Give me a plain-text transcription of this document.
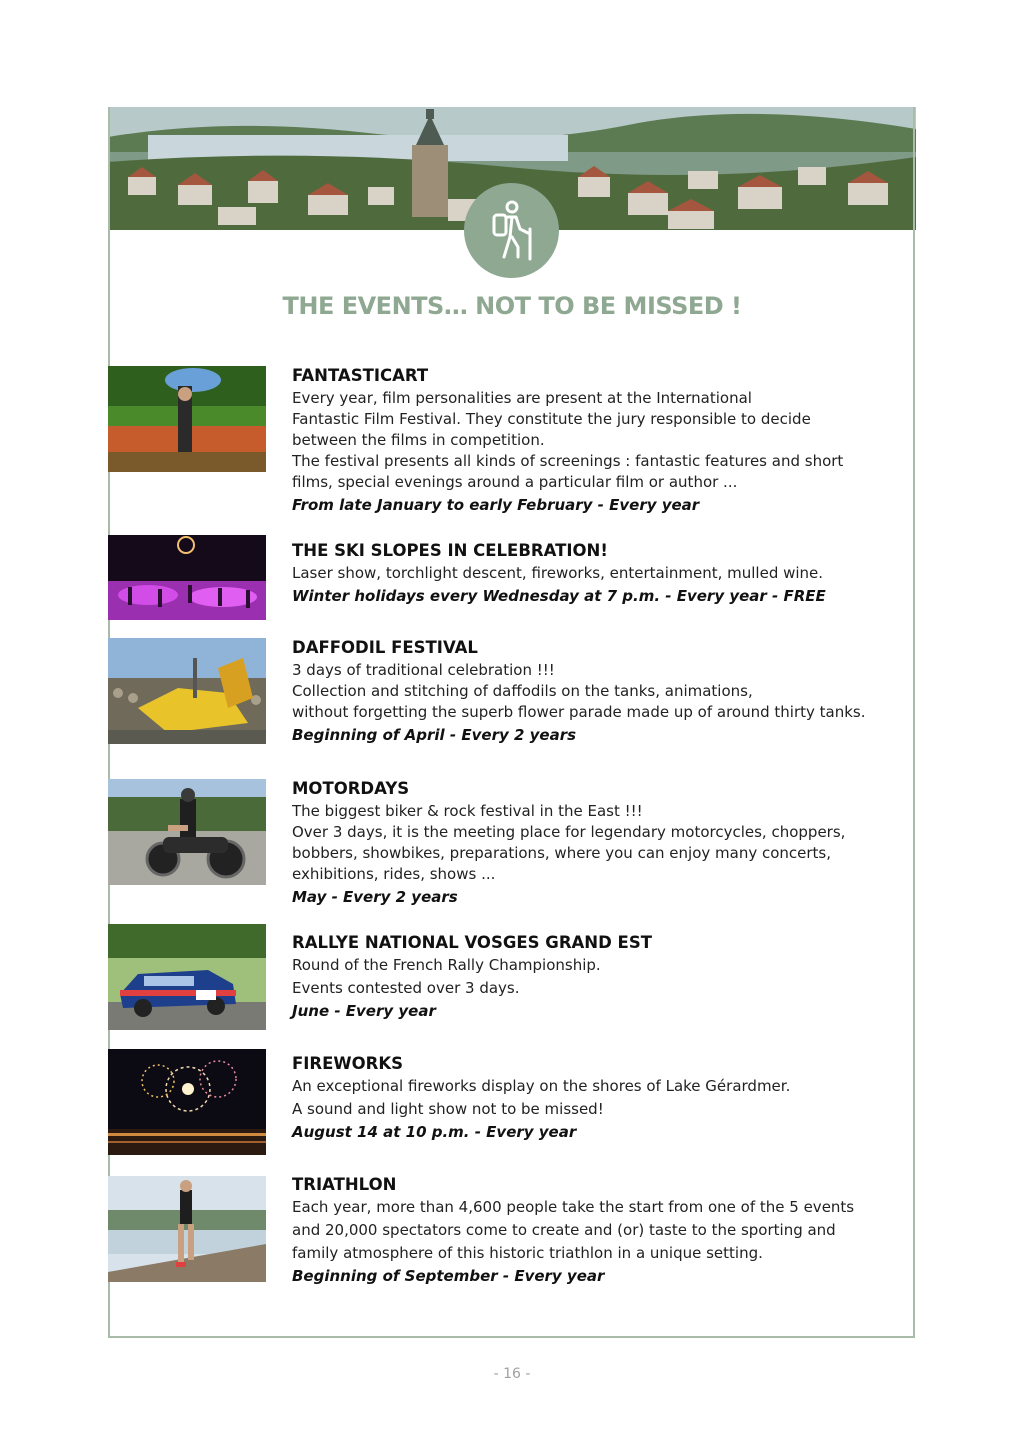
THE EVENTS… NOT TO BE MISSED !
FANTASTICART

Every year, film personalities are present at the International

Fantastic Film Festival. They constitute the jury responsible to decide

between the films in competition.

The festival presents all kinds of screenings : fantastic features and short

films, special evenings around a particular film or author ...

From late January to early February - Every year

THE SKI SLOPES IN CELEBRATION!

Laser show, torchlight descent, fireworks, entertainment, mulled wine.

Winter holidays every Wednesday at 7 p.m. - Every year - FREE

DAFFODIL FESTIVAL

3 days of traditional celebration !!!

Collection and stitching of daffodils on the tanks, animations,

without forgetting the superb flower parade made up of around thirty tanks.

Beginning of April - Every 2 years

MOTORDAYS

The biggest biker & rock festival in the East !!!

Over 3 days, it is the meeting place for legendary motorcycles, choppers,

bobbers, showbikes, preparations, where you can enjoy many concerts,

exhibitions, rides, shows ...

May - Every 2 years

RALLYE NATIONAL VOSGES GRAND EST

Round of the French Rally Championship.

Events contested over 3 days.

June - Every year

FIREWORKS

An exceptional fireworks display on the shores of Lake Gérardmer.

A sound and light show not to be missed!

August 14 at 10 p.m. - Every year

TRIATHLON

Each year, more than 4,600 people take the start from one of the 5 events

and 20,000 spectators come to create and (or) taste to the sporting and

family atmosphere of this historic triathlon in a unique setting.

Beginning of September - Every year

- 16 -
